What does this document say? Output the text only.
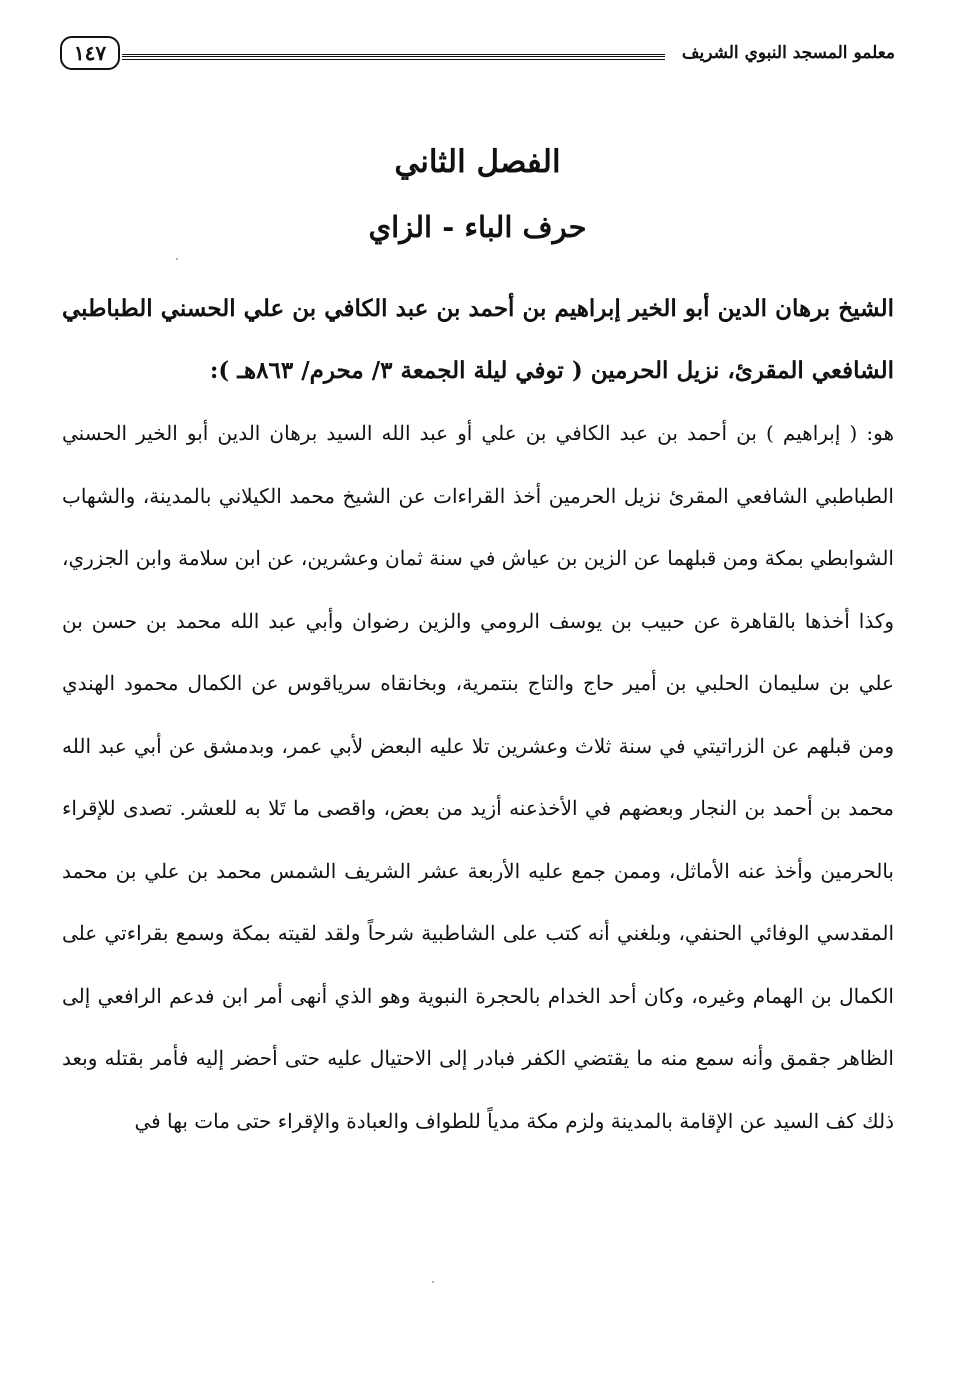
معلمو المسجد النبوي الشريف
١٤٧
الفصل الثاني
حرف الباء - الزاي

الشيخ برهان الدين أبو الخير إبراهيم بن أحمد بن عبد الكافي بن علي الحسني الطباطبي الشافعي المقرئ، نزيل الحرمين ( توفي ليلة الجمعة ٣/ محرم/ ٨٦٣هـ ):

هو: ( إبراهيم ) بن أحمد بن عبد الكافي بن علي أو عبد الله السيد برهان الدين أبو الخير الحسني الطباطبي الشافعي المقرئ نزيل الحرمين أخذ القراءات عن الشيخ محمد الكيلاني بالمدينة، والشهاب الشوابطي بمكة ومن قبلهما عن الزين بن عياش في سنة ثمان وعشرين، عن ابن سلامة وابن الجزري، وكذا أخذها بالقاهرة عن حبيب بن يوسف الرومي والزين رضوان وأبي عبد الله محمد بن حسن بن علي بن سليمان الحلبي بن أمير حاج والتاج بنتمرية، وبخانقاه سرياقوس عن الكمال محمود الهندي ومن قبلهم عن الزراتيتي في سنة ثلاث وعشرين تلا عليه البعض لأبي عمر، وبدمشق عن أبي عبد الله محمد بن أحمد بن النجار وبعضهم في الأخذعنه أزيد من بعض، واقصى ما تَلا به للعشر. تصدى للإقراء بالحرمين وأخذ عنه الأماثل، وممن جمع عليه الأربعة عشر الشريف الشمس محمد بن علي بن محمد المقدسي الوفائي الحنفي، وبلغني أنه كتب على الشاطبية شرحاً ولقد لقيته بمكة وسمع بقراءتي على الكمال بن الهمام وغيره، وكان أحد الخدام بالحجرة النبوية وهو الذي أنهى أمر ابن فدعم الرافعي إلى الظاهر جقمق وأنه سمع منه ما يقتضي الكفر فبادر إلى الاحتيال عليه حتى أحضر إليه فأمر بقتله وبعد ذلك كف السيد عن الإقامة بالمدينة ولزم مكة مدياً للطواف والعبادة والإقراء حتى مات بها في
